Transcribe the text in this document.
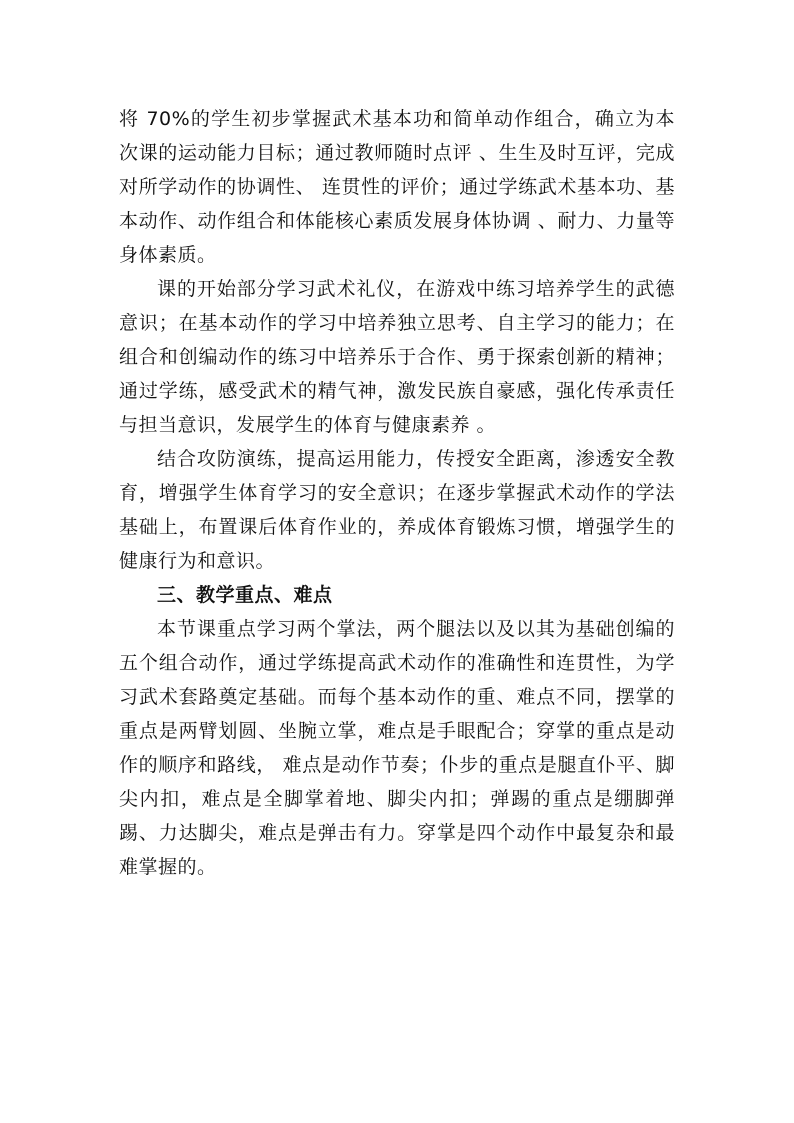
将 70%的学生初步掌握武术基本功和简单动作组合，确立为本次课的运动能力目标；通过教师随时点评 、生生及时互评，完成对所学动作的协调性、 连贯性的评价；通过学练武术基本功、基本动作、动作组合和体能核心素质发展身体协调 、耐力、力量等身体素质。

课的开始部分学习武术礼仪，在游戏中练习培养学生的武德意识；在基本动作的学习中培养独立思考、自主学习的能力；在组合和创编动作的练习中培养乐于合作、勇于探索创新的精神；通过学练，感受武术的精气神，激发民族自豪感，强化传承责任与担当意识，发展学生的体育与健康素养 。

结合攻防演练，提高运用能力，传授安全距离，渗透安全教育，增强学生体育学习的安全意识；在逐步掌握武术动作的学法基础上，布置课后体育作业的，养成体育锻炼习惯，增强学生的健康行为和意识。

三、教学重点、难点

本节课重点学习两个掌法，两个腿法以及以其为基础创编的五个组合动作，通过学练提高武术动作的准确性和连贯性，为学习武术套路奠定基础。而每个基本动作的重、难点不同，摆掌的重点是两臂划圆、坐腕立掌，难点是手眼配合；穿掌的重点是动作的顺序和路线， 难点是动作节奏；仆步的重点是腿直仆平、脚尖内扣，难点是全脚掌着地、脚尖内扣；弹踢的重点是绷脚弹踢、力达脚尖，难点是弹击有力。穿掌是四个动作中最复杂和最难掌握的。
